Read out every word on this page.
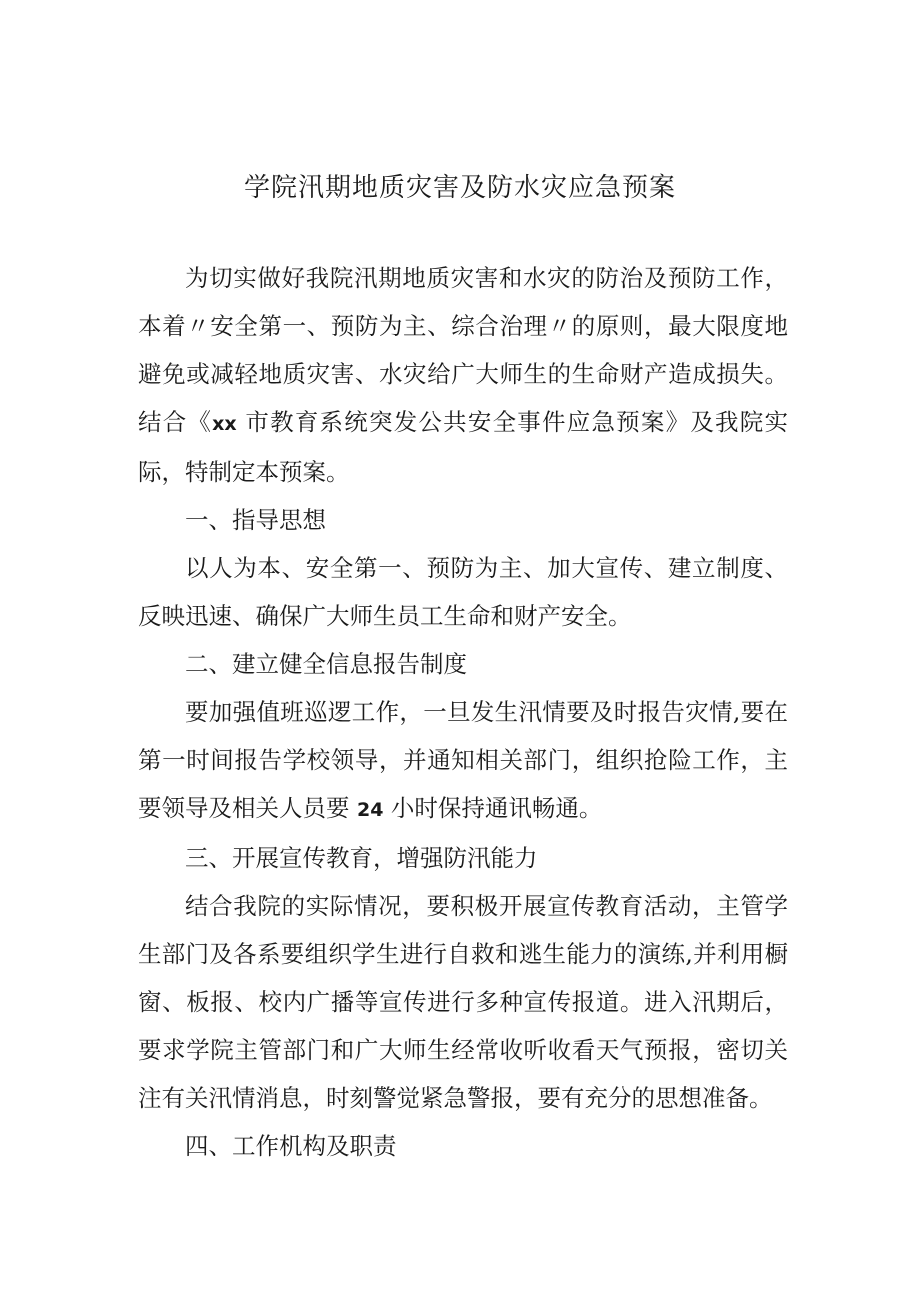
学院汛期地质灾害及防水灾应急预案

为切实做好我院汛期地质灾害和水灾的防治及预防工作，本着〃安全第一、预防为主、综合治理〃的原则，最大限度地避免或减轻地质灾害、水灾给广大师生的生命财产造成损失。结合《xx 市教育系统突发公共安全事件应急预案》及我院实际，特制定本预案。

一、指导思想

以人为本、安全第一、预防为主、加大宣传、建立制度、反映迅速、确保广大师生员工生命和财产安全。

二、建立健全信息报告制度

要加强值班巡逻工作，一旦发生汛情要及时报告灾情,要在第一时间报告学校领导，并通知相关部门，组织抢险工作，主要领导及相关人员要 24 小时保持通讯畅通。

三、开展宣传教育，增强防汛能力

结合我院的实际情况，要积极开展宣传教育活动，主管学生部门及各系要组织学生进行自救和逃生能力的演练,并利用橱窗、板报、校内广播等宣传进行多种宣传报道。进入汛期后，要求学院主管部门和广大师生经常收听收看天气预报，密切关注有关汛情消息，时刻警觉紧急警报，要有充分的思想准备。

四、工作机构及职责
